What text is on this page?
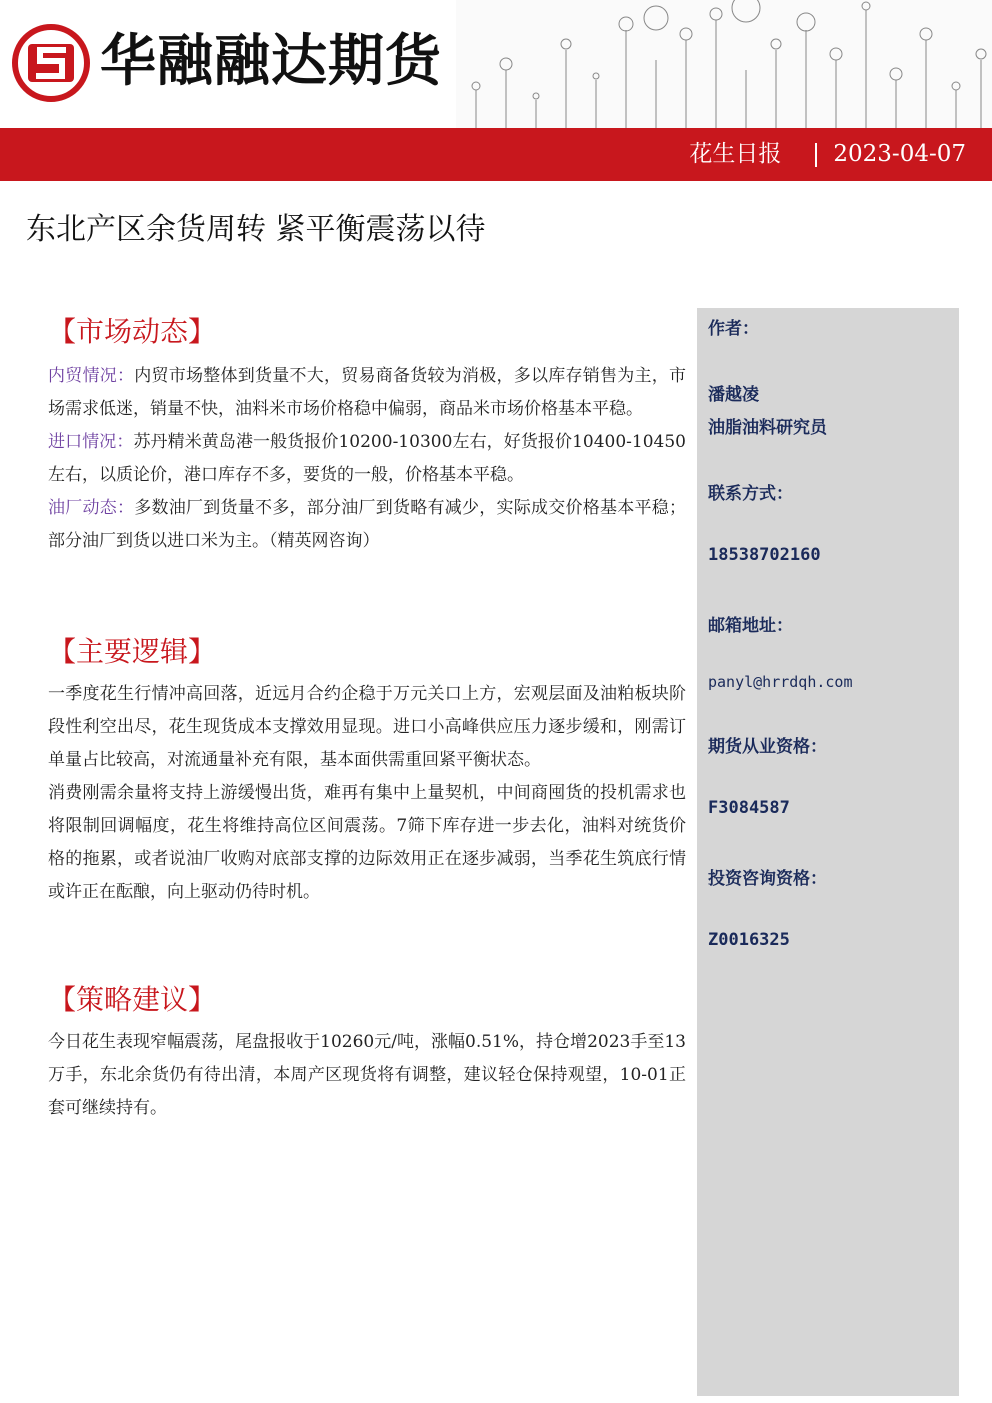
华融融达期货
花生日报 2023-04-07
东北产区余货周转 紧平衡震荡以待
【市场动态】

内贸情况：内贸市场整体到货量不大，贸易商备货较为消极，多以库存销售为主，市场需求低迷，销量不快，油料米市场价格稳中偏弱，商品米市场价格基本平稳。

进口情况：苏丹精米黄岛港一般货报价10200-10300左右，好货报价10400-10450左右，以质论价，港口库存不多，要货的一般，价格基本平稳。

油厂动态：多数油厂到货量不多，部分油厂到货略有减少，实际成交价格基本平稳；部分油厂到货以进口米为主。（精英网咨询）

【主要逻辑】

一季度花生行情冲高回落，近远月合约企稳于万元关口上方，宏观层面及油粕板块阶段性利空出尽，花生现货成本支撑效用显现。进口小高峰供应压力逐步缓和，刚需订单量占比较高，对流通量补充有限，基本面供需重回紧平衡状态。

消费刚需余量将支持上游缓慢出货，难再有集中上量契机，中间商囤货的投机需求也将限制回调幅度，花生将维持高位区间震荡。7筛下库存进一步去化，油料对统货价格的拖累，或者说油厂收购对底部支撑的边际效用正在逐步减弱，当季花生筑底行情或许正在酝酿，向上驱动仍待时机。

【策略建议】

今日花生表现窄幅震荡，尾盘报收于10260元/吨，涨幅0.51%，持仓增2023手至13万手，东北余货仍有待出清，本周产区现货将有调整，建议轻仓保持观望，10-01正套可继续持有。

作者：
潘越凌
油脂油料研究员
联系方式：
18538702160
邮箱地址：
panyl@hrrdqh.com
期货从业资格：
F3084587
投资咨询资格：
Z0016325
